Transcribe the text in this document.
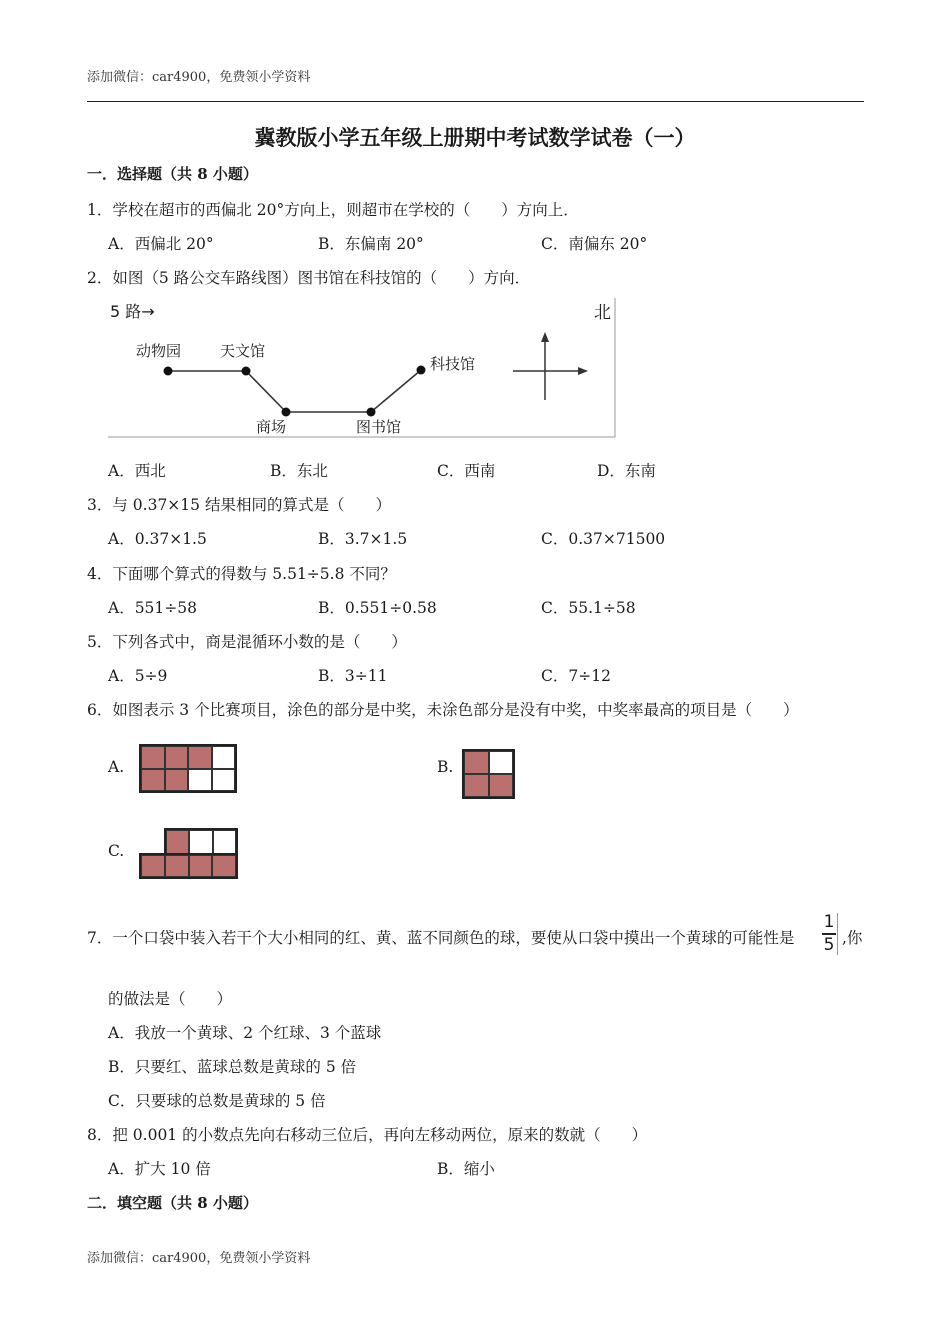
添加微信：car4900，免费领小学资料
冀教版小学五年级上册期中考试数学试卷（一）
一．选择题（共 8 小题）
1．学校在超市的西偏北 20°方向上，则超市在学校的（　　）方向上．
A．西偏北 20°	B．东偏南 20°	C．南偏东 20°
2．如图（5 路公交车路线图）图书馆在科技馆的（　　）方向．
5 路→	北
动物园	天文馆
商场	图书馆
科技馆
A．西北	B．东北	C．西南	D．东南
3．与 0.37×15 结果相同的算式是（　　）
A．0.37×1.5	B．3.7×1.5	C．0.37×71500
4．下面哪个算式的得数与 5.51÷5.8 不同？
A．551÷58	B．0.551÷0.58	C．55.1÷58
5．下列各式中，商是混循环小数的是（　　）
A．5÷9	B．3÷11	C．7÷12
6．如图表示 3 个比赛项目，涂色的部分是中奖，未涂色部分是没有中奖，中奖率最高的项目是（　　）
A.	B.
C.
7．一个口袋中装入若干个大小相同的红、黄、蓝不同颜色的球，要使从口袋中摸出一个黄球的可能性是
1
5 ,你
的做法是（　　）
A．我放一个黄球、2 个红球、3 个蓝球
B．只要红、蓝球总数是黄球的 5 倍
C．只要球的总数是黄球的 5 倍
8．把 0.001 的小数点先向右移动三位后，再向左移动两位，原来的数就（　　）
A．扩大 10 倍	B．缩小
二．填空题（共 8 小题）
添加微信：car4900，免费领小学资料
